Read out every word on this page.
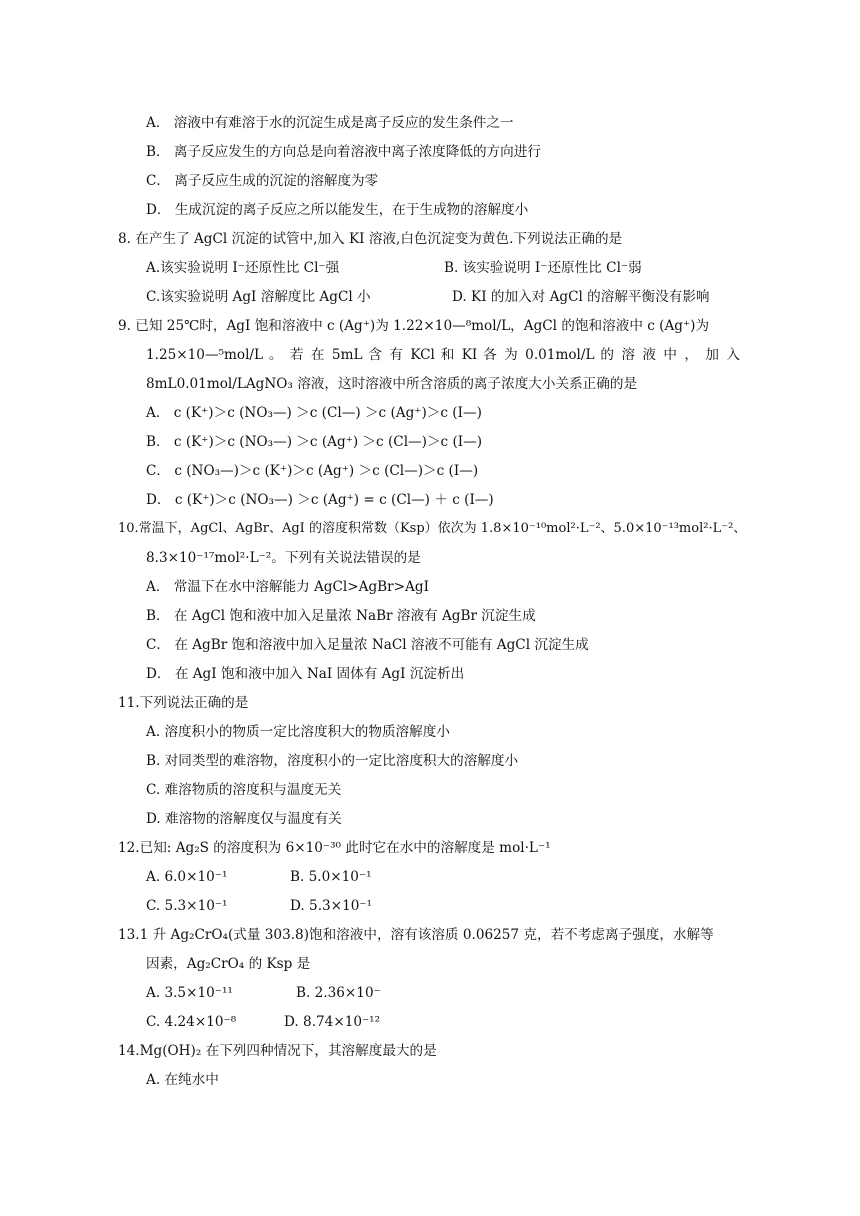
A． 溶液中有难溶于水的沉淀生成是离子反应的发生条件之一
B． 离子反应发生的方向总是向着溶液中离子浓度降低的方向进行
C． 离子反应生成的沉淀的溶解度为零
D． 生成沉淀的离子反应之所以能发生，在于生成物的溶解度小
8. 在产生了 AgCl 沉淀的试管中,加入 KI 溶液,白色沉淀变为黄色.下列说法正确的是
A.该实验说明 I⁻还原性比 Cl⁻强	B. 该实验说明 I⁻还原性比 Cl⁻弱
C.该实验说明 AgI 溶解度比 AgCl 小	D. KI 的加入对 AgCl 的溶解平衡没有影响
9. 已知 25℃时，AgI 饱和溶液中 c (Ag⁺)为 1.22×10—⁸mol/L，AgCl 的饱和溶液中 c (Ag⁺)为
1.25×10—⁵mol/L 。 若 在 5mL 含 有 KCl 和 KI 各 为 0.01mol/L 的 溶 液 中 ， 加 入
8mL0.01mol/LAgNO₃ 溶液，这时溶液中所含溶质的离子浓度大小关系正确的是
A． c (K⁺)＞c (NO₃—) ＞c (Cl—) ＞c (Ag⁺)＞c (I—)
B． c (K⁺)＞c (NO₃—) ＞c (Ag⁺) ＞c (Cl—)＞c (I—)
C． c (NO₃—)＞c (K⁺)＞c (Ag⁺) ＞c (Cl—)＞c (I—)
D． c (K⁺)＞c (NO₃—) ＞c (Ag⁺) = c (Cl—) ＋ c (I—)
10.常温下，AgCl、AgBr、AgI 的溶度积常数（Ksp）依次为 1.8×10⁻¹⁰mol²·L⁻²、5.0×10⁻¹³mol²·L⁻²、
8.3×10⁻¹⁷mol²·L⁻²。下列有关说法错误的是
A． 常温下在水中溶解能力 AgCl>AgBr>AgI
B． 在 AgCl 饱和液中加入足量浓 NaBr 溶液有 AgBr 沉淀生成
C． 在 AgBr 饱和溶液中加入足量浓 NaCl 溶液不可能有 AgCl 沉淀生成
D． 在 AgI 饱和液中加入 NaI 固体有 AgI 沉淀析出
11.下列说法正确的是
A. 溶度积小的物质一定比溶度积大的物质溶解度小
B. 对同类型的难溶物，溶度积小的一定比溶度积大的溶解度小
C. 难溶物质的溶度积与温度无关
D. 难溶物的溶解度仅与温度有关
12.已知: Ag₂S 的溶度积为 6×10⁻³⁰ 此时它在水中的溶解度是 mol·L⁻¹
A. 6.0×10⁻¹	B. 5.0×10⁻¹
C. 5.3×10⁻¹	D. 5.3×10⁻¹
13.1 升 Ag₂CrO₄(式量 303.8)饱和溶液中，溶有该溶质 0.06257 克，若不考虑离子强度，水解等
因素，Ag₂CrO₄ 的 Ksp 是
A. 3.5×10⁻¹¹	B. 2.36×10⁻
C. 4.24×10⁻⁸	D. 8.74×10⁻¹²
14.Mg(OH)₂ 在下列四种情况下，其溶解度最大的是
A. 在纯水中
